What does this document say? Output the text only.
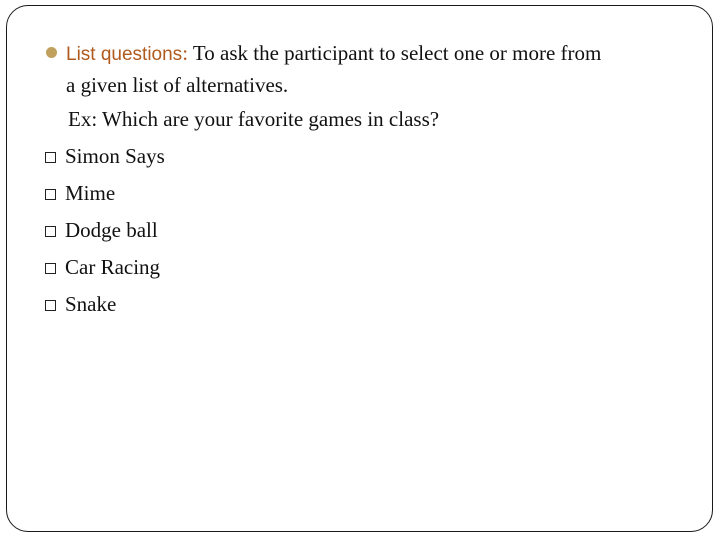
List questions: To ask the participant to select one or more from
a given list of alternatives.
Ex: Which are your favorite games in class?
Simon Says
Mime
Dodge ball
Car Racing
Snake
